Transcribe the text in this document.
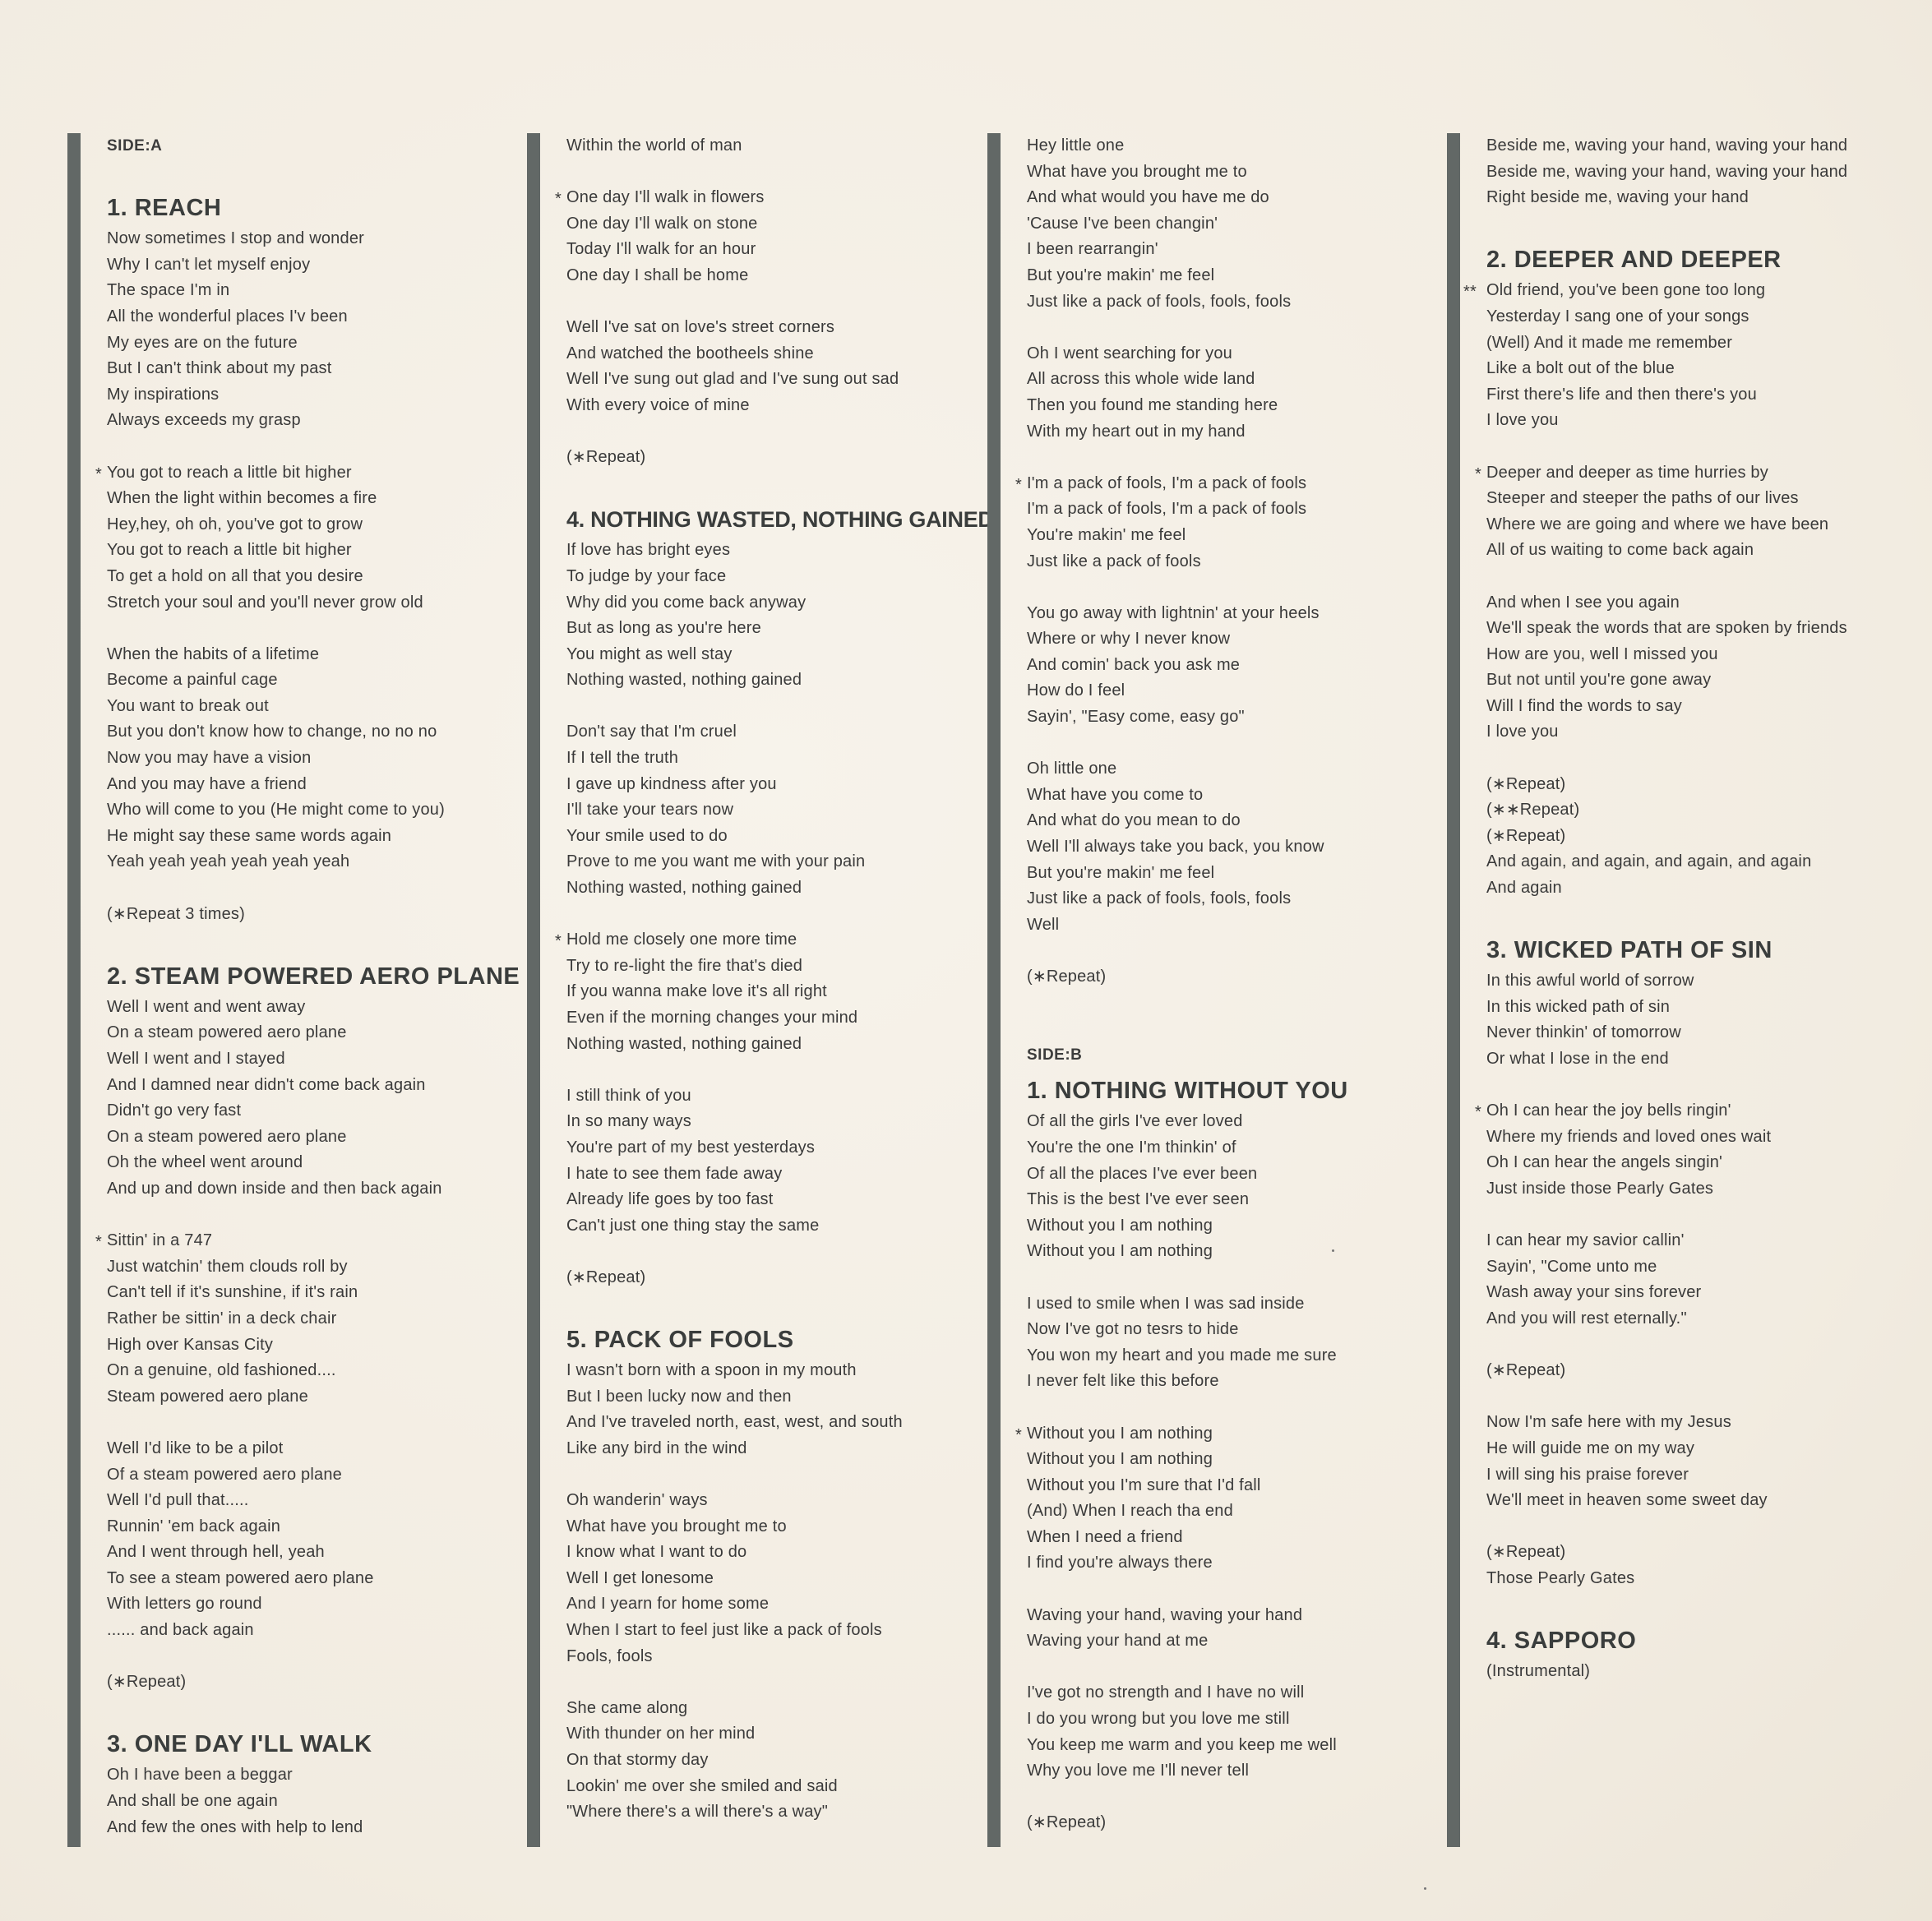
SIDE:A
1. REACH
Now sometimes I stop and wonder
Why I can't let myself enjoy
The space I'm in
All the wonderful places I'v been
My eyes are on the future
But I can't think about my past
My inspirations
Always exceeds my grasp
* You got to reach a little bit higher
When the light within becomes a fire
Hey,hey, oh oh, you've got to grow
You got to reach a little bit higher
To get a hold on all that you desire
Stretch your soul and you'll never grow old
When the habits of a lifetime
Become a painful cage
You want to break out
But you don't know how to change, no no no
Now you may have a vision
And you may have a friend
Who will come to you (He might come to you)
He might say these same words again
Yeah yeah yeah yeah yeah yeah
(∗Repeat 3 times)
2. STEAM POWERED AERO PLANE
Well I went and went away
On a steam powered aero plane
Well I went and I stayed
And I damned near didn't come back again
Didn't go very fast
On a steam powered aero plane
Oh the wheel went around
And up and down inside and then back again
* Sittin' in a 747
Just watchin' them clouds roll by
Can't tell if it's sunshine, if it's rain
Rather be sittin' in a deck chair
High over Kansas City
On a genuine, old fashioned....
Steam powered aero plane
Well I'd like to be a pilot
Of a steam powered aero plane
Well I'd pull that.....
Runnin' 'em back again
And I went through hell, yeah
To see a steam powered aero plane
With letters go round
...... and back again
(∗Repeat)
3. ONE DAY I'LL WALK
Oh I have been a beggar
And shall be one again
And few the ones with help to lend
Within the world of man
* One day I'll walk in flowers
One day I'll walk on stone
Today I'll walk for an hour
One day I shall be home
Well I've sat on love's street corners
And watched the bootheels shine
Well I've sung out glad and I've sung out sad
With every voice of mine
(∗Repeat)
4. NOTHING WASTED, NOTHING GAINED
If love has bright eyes
To judge by your face
Why did you come back anyway
But as long as you're here
You might as well stay
Nothing wasted, nothing gained
Don't say that I'm cruel
If I tell the truth
I gave up kindness after you
I'll take your tears now
Your smile used to do
Prove to me you want me with your pain
Nothing wasted, nothing gained
* Hold me closely one more time
Try to re-light the fire that's died
If you wanna make love it's all right
Even if the morning changes your mind
Nothing wasted, nothing gained
I still think of you
In so many ways
You're part of my best yesterdays
I hate to see them fade away
Already life goes by too fast
Can't just one thing stay the same
(∗Repeat)
5. PACK OF FOOLS
I wasn't born with a spoon in my mouth
But I been lucky now and then
And I've traveled north, east, west, and south
Like any bird in the wind
Oh wanderin' ways
What have you brought me to
I know what I want to do
Well I get lonesome
And I yearn for home some
When I start to feel just like a pack of fools
Fools, fools
She came along
With thunder on her mind
On that stormy day
Lookin' me over she smiled and said
"Where there's a will there's a way"
Hey little one
What have you brought me to
And what would you have me do
'Cause I've been changin'
I been rearrangin'
But you're makin' me feel
Just like a pack of fools, fools, fools
Oh I went searching for you
All across this whole wide land
Then you found me standing here
With my heart out in my hand
* I'm a pack of fools, I'm a pack of fools
I'm a pack of fools, I'm a pack of fools
You're makin' me feel
Just like a pack of fools
You go away with lightnin' at your heels
Where or why I never know
And comin' back you ask me
How do I feel
Sayin', "Easy come, easy go"
Oh little one
What have you come to
And what do you mean to do
Well I'll always take you back, you know
But you're makin' me feel
Just like a pack of fools, fools, fools
Well
(∗Repeat)
SIDE:B
1. NOTHING WITHOUT YOU
Of all the girls I've ever loved
You're the one I'm thinkin' of
Of all the places I've ever been
This is the best I've ever seen
Without you I am nothing
Without you I am nothing
I used to smile when I was sad inside
Now I've got no tesrs to hide
You won my heart and you made me sure
I never felt like this before
* Without you I am nothing
Without you I am nothing
Without you I'm sure that I'd fall
(And) When I reach tha end
When I need a friend
I find you're always there
Waving your hand, waving your hand
Waving your hand at me
I've got no strength and I have no will
I do you wrong but you love me still
You keep me warm and you keep me well
Why you love me I'll never tell
(∗Repeat)
Beside me, waving your hand, waving your hand
Beside me, waving your hand, waving your hand
Right beside me, waving your hand
2. DEEPER AND DEEPER
** Old friend, you've been gone too long
Yesterday I sang one of your songs
(Well) And it made me remember
Like a bolt out of the blue
First there's life and then there's you
I love you
* Deeper and deeper as time hurries by
Steeper and steeper the paths of our lives
Where we are going and where we have been
All of us waiting to come back again
And when I see you again
We'll speak the words that are spoken by friends
How are you, well I missed you
But not until you're gone away
Will I find the words to say
I love you
(∗Repeat)
(∗∗Repeat)
(∗Repeat)
And again, and again, and again, and again
And again
3. WICKED PATH OF SIN
In this awful world of sorrow
In this wicked path of sin
Never thinkin' of tomorrow
Or what I lose in the end
* Oh I can hear the joy bells ringin'
Where my friends and loved ones wait
Oh I can hear the angels singin'
Just inside those Pearly Gates
I can hear my savior callin'
Sayin', "Come unto me
Wash away your sins forever
And you will rest eternally."
(∗Repeat)
Now I'm safe here with my Jesus
He will guide me on my way
I will sing his praise forever
We'll meet in heaven some sweet day
(∗Repeat)
Those Pearly Gates
4. SAPPORO
(Instrumental)
